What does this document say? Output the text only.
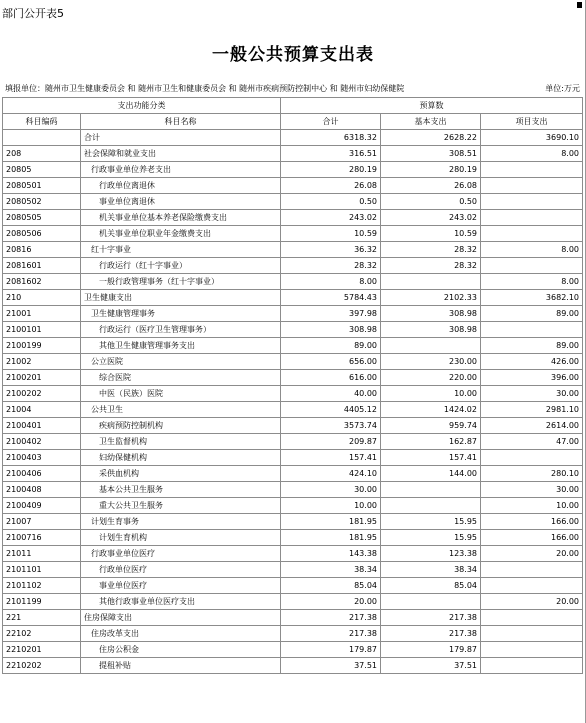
部门公开表5
一般公共预算支出表
填报单位：随州市卫生健康委员会 和 随州市卫生和健康委员会 和 随州市疾病预防控制中心 和 随州市妇幼保健院	单位:万元
支出功能分类		预算数		
科目编码	科目名称	合计	基本支出	项目支出
	合计	6318.32	2628.22	3690.10
208	社会保障和就业支出	316.51	308.51	8.00
20805	行政事业单位养老支出	280.19	280.19	
2080501	行政单位离退休	26.08	26.08	
2080502	事业单位离退休	0.50	0.50	
2080505	机关事业单位基本养老保险缴费支出	243.02	243.02	
2080506	机关事业单位职业年金缴费支出	10.59	10.59	
20816	红十字事业	36.32	28.32	8.00
2081601	行政运行（红十字事业）	28.32	28.32	
2081602	一般行政管理事务（红十字事业）	8.00		8.00
210	卫生健康支出	5784.43	2102.33	3682.10
21001	卫生健康管理事务	397.98	308.98	89.00
2100101	行政运行（医疗卫生管理事务）	308.98	308.98	
2100199	其他卫生健康管理事务支出	89.00		89.00
21002	公立医院	656.00	230.00	426.00
2100201	综合医院	616.00	220.00	396.00
2100202	中医（民族）医院	40.00	10.00	30.00
21004	公共卫生	4405.12	1424.02	2981.10
2100401	疾病预防控制机构	3573.74	959.74	2614.00
2100402	卫生监督机构	209.87	162.87	47.00
2100403	妇幼保健机构	157.41	157.41	
2100406	采供血机构	424.10	144.00	280.10
2100408	基本公共卫生服务	30.00		30.00
2100409	重大公共卫生服务	10.00		10.00
21007	计划生育事务	181.95	15.95	166.00
2100716	计划生育机构	181.95	15.95	166.00
21011	行政事业单位医疗	143.38	123.38	20.00
2101101	行政单位医疗	38.34	38.34	
2101102	事业单位医疗	85.04	85.04	
2101199	其他行政事业单位医疗支出	20.00		20.00
221	住房保障支出	217.38	217.38	
22102	住房改革支出	217.38	217.38	
2210201	住房公积金	179.87	179.87	
2210202	提租补贴	37.51	37.51	
